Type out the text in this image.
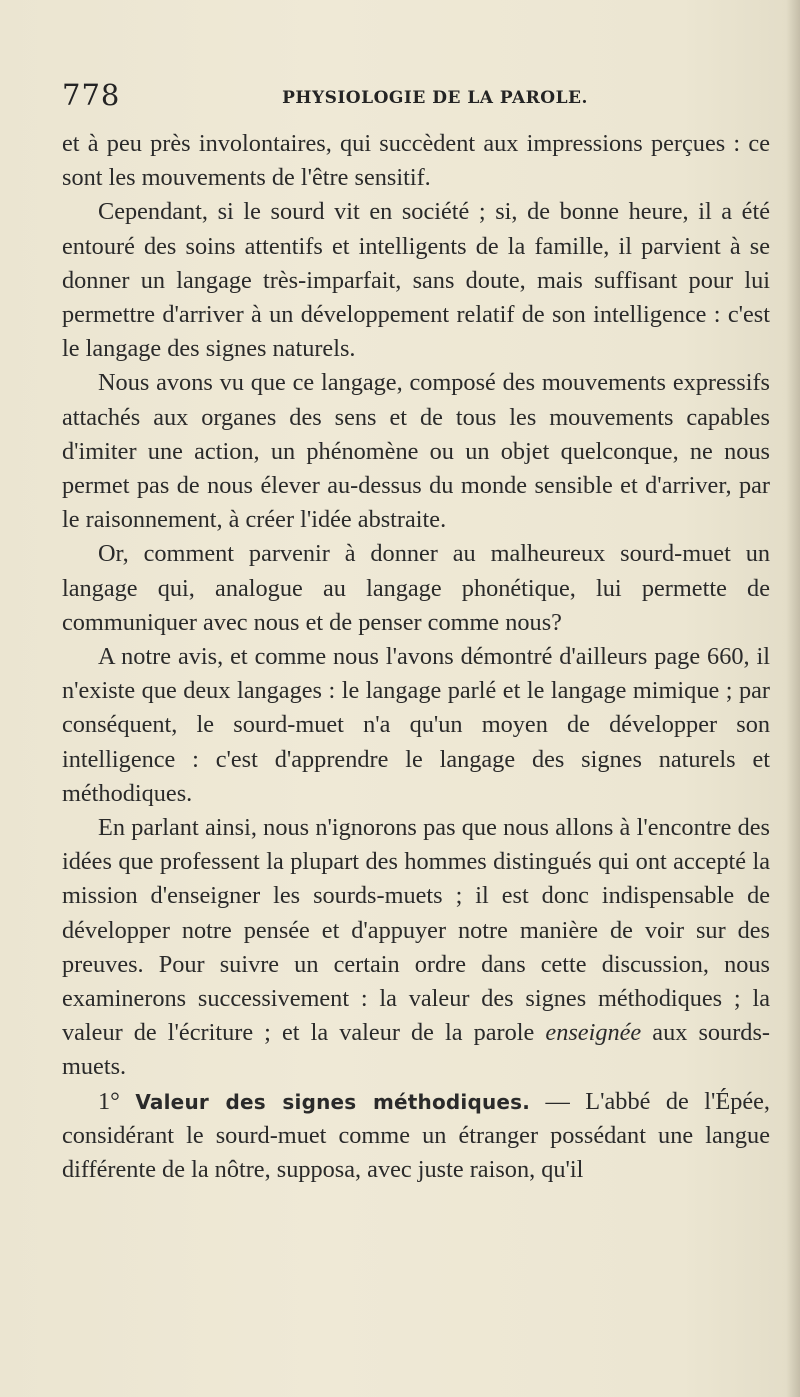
778	PHYSIOLOGIE DE LA PAROLE.

et à peu près involontaires, qui succèdent aux impressions perçues : ce sont les mouvements de l'être sensitif.

Cependant, si le sourd vit en société ; si, de bonne heure, il a été entouré des soins attentifs et intelligents de la famille, il parvient à se donner un langage très-imparfait, sans doute, mais suffisant pour lui permettre d'arriver à un développement relatif de son intelligence : c'est le langage des signes naturels.

Nous avons vu que ce langage, composé des mouvements expressifs attachés aux organes des sens et de tous les mouvements capables d'imiter une action, un phénomène ou un objet quelconque, ne nous permet pas de nous élever au-dessus du monde sensible et d'arriver, par le raisonnement, à créer l'idée abstraite.

Or, comment parvenir à donner au malheureux sourd-muet un langage qui, analogue au langage phonétique, lui permette de communiquer avec nous et de penser comme nous?

A notre avis, et comme nous l'avons démontré d'ailleurs page 660, il n'existe que deux langages : le langage parlé et le langage mimique ; par conséquent, le sourd-muet n'a qu'un moyen de développer son intelligence : c'est d'apprendre le langage des signes naturels et méthodiques.

En parlant ainsi, nous n'ignorons pas que nous allons à l'encontre des idées que professent la plupart des hommes distingués qui ont accepté la mission d'enseigner les sourds-muets ; il est donc indispensable de développer notre pensée et d'appuyer notre manière de voir sur des preuves. Pour suivre un certain ordre dans cette discussion, nous examinerons successivement : la valeur des signes méthodiques ; la valeur de l'écriture ; et la valeur de la parole enseignée aux sourds-muets.

1° Valeur des signes méthodiques. — L'abbé de l'Épée, considérant le sourd-muet comme un étranger possédant une langue différente de la nôtre, supposa, avec juste raison, qu'il
